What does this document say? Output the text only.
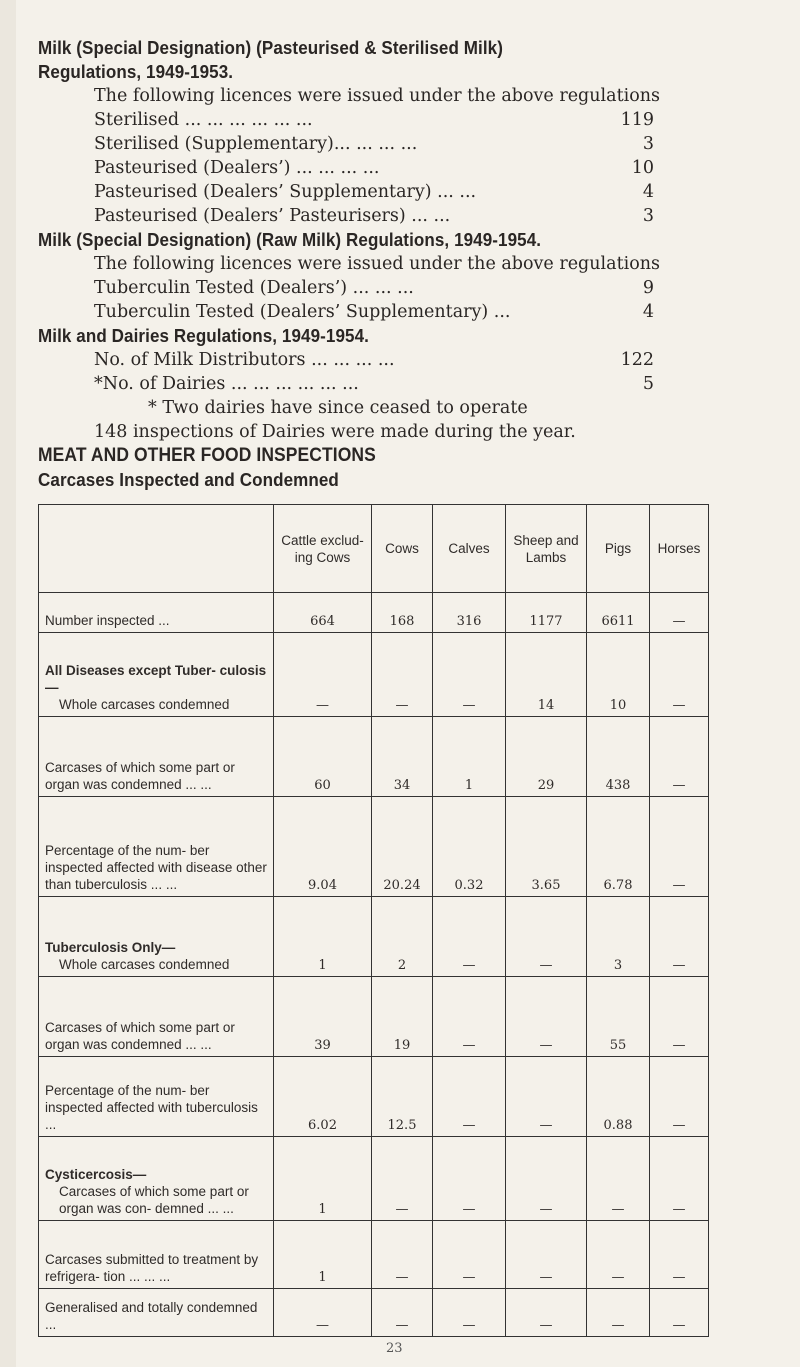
Milk (Special Designation) (Pasteurised & Sterilised Milk)
Regulations, 1949-1953.
The following licences were issued under the above regulations
Sterilised ... ... ... ... ... ...	119
Sterilised (Supplementary)... ... ... ...	3
Pasteurised (Dealers’) ... ... ... ...	10
Pasteurised (Dealers’ Supplementary) ... ...	4
Pasteurised (Dealers’ Pasteurisers) ... ...	3
Milk (Special Designation) (Raw Milk) Regulations, 1949-1954.
The following licences were issued under the above regulations
Tuberculin Tested (Dealers’) ... ... ...	9
Tuberculin Tested (Dealers’ Supplementary) ...	4
Milk and Dairies Regulations, 1949-1954.
No. of Milk Distributors ... ... ... ...	122
*No. of Dairies ... ... ... ... ... ...	5
* Two dairies have since ceased to operate
148 inspections of Dairies were made during the year.
MEAT AND OTHER FOOD INSPECTIONS
Carcases Inspected and Condemned
	Cattle exclud- ing Cows	Cows	Calves	Sheep and Lambs	Pigs	Horses

Number inspected ...	664	168	316	1177	6611	—

All Diseases except Tuber- culosis—
Whole carcases condemned	—	—	—	14	10	—

Carcases of which some part or organ was condemned ... ...	60	34	1	29	438	—

Percentage of the num- ber inspected affected with disease other than tuberculosis ... ...	9.04	20.24	0.32	3.65	6.78	—

Tuberculosis Only—
Whole carcases condemned	1	2	—	—	3	—

Carcases of which some part or organ was condemned ... ...	39	19	—	—	55	—

Percentage of the num- ber inspected affected with tuberculosis ...	6.02	12.5	—	—	0.88	—

Cysticercosis—
Carcases of which some part or organ was con- demned ... ...	1	—	—	—	—	—

Carcases submitted to treatment by refrigera- tion ... ... ...	1	—	—	—	—	—

Generalised and totally condemned ...	—	—	—	—	—	—
23
